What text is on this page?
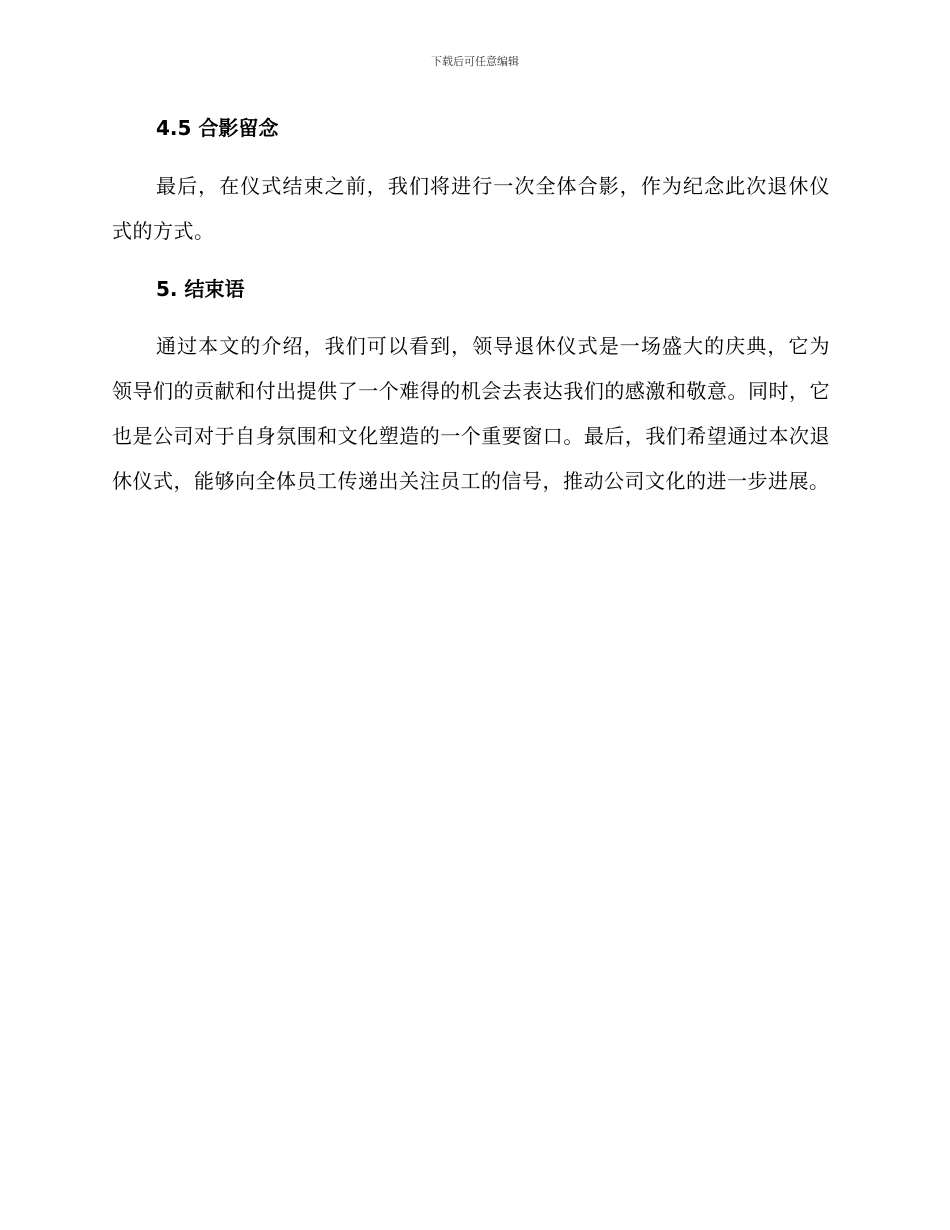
下载后可任意编辑
4.5 合影留念

最后，在仪式结束之前，我们将进行一次全体合影，作为纪念此次退休仪式的方式。

5. 结束语

通过本文的介绍，我们可以看到，领导退休仪式是一场盛大的庆典，它为领导们的贡献和付出提供了一个难得的机会去表达我们的感激和敬意。同时，它也是公司对于自身氛围和文化塑造的一个重要窗口。最后，我们希望通过本次退休仪式，能够向全体员工传递出关注员工的信号，推动公司文化的进一步进展。
